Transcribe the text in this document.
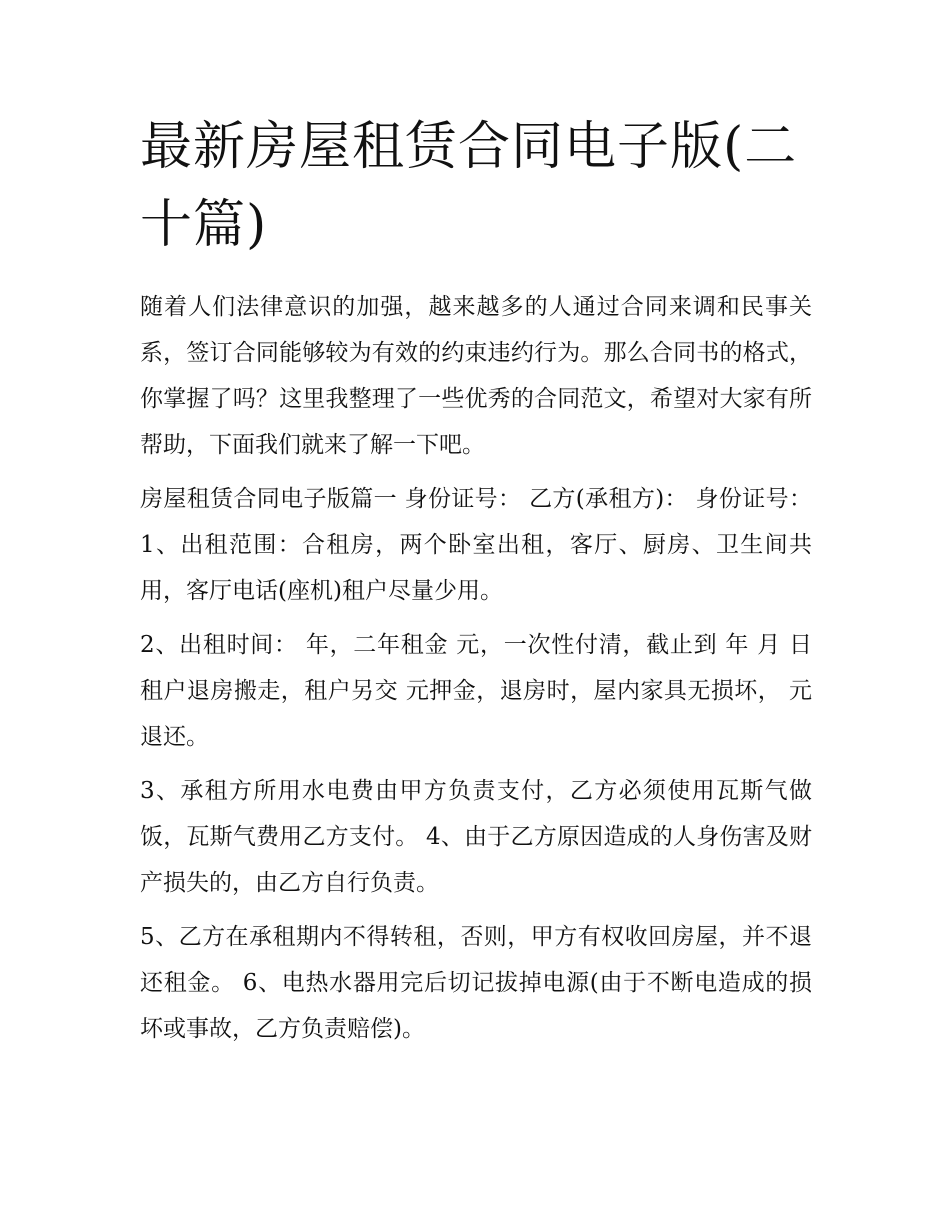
最新房屋租赁合同电子版(二十篇)

随着人们法律意识的加强，越来越多的人通过合同来调和民事关系，签订合同能够较为有效的约束违约行为。那么合同书的格式，你掌握了吗？这里我整理了一些优秀的合同范文，希望对大家有所帮助，下面我们就来了解一下吧。

房屋租赁合同电子版篇一 身份证号： 乙方(承租方)： 身份证号： 1、出租范围：合租房，两个卧室出租，客厅、厨房、卫生间共用，客厅电话(座机)租户尽量少用。

2、出租时间： 年，二年租金 元，一次性付清，截止到 年 月 日租户退房搬走，租户另交 元押金，退房时，屋内家具无损坏， 元退还。

3、承租方所用水电费由甲方负责支付，乙方必须使用瓦斯气做饭，瓦斯气费用乙方支付。 4、由于乙方原因造成的人身伤害及财产损失的，由乙方自行负责。

5、乙方在承租期内不得转租，否则，甲方有权收回房屋，并不退还租金。 6、电热水器用完后切记拔掉电源(由于不断电造成的损坏或事故，乙方负责赔偿)。
